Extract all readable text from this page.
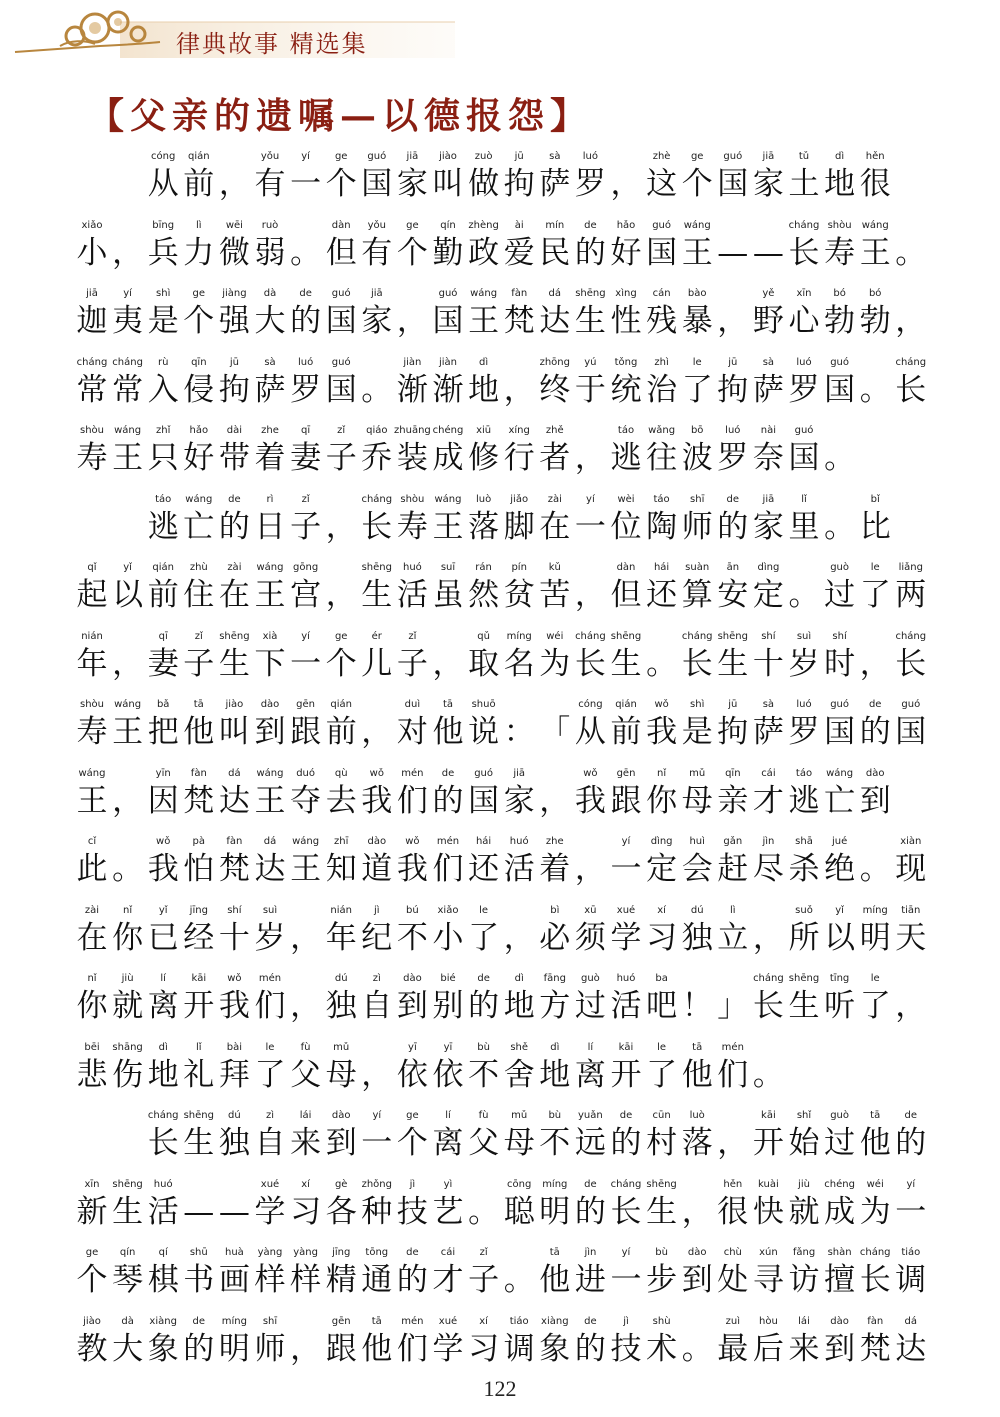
律典故事 精选集
【父亲的遗嘱—以德报怨】
cóng
从
qián
前 ，
yǒu
有
yí
一
ge
个
guó
国
jiā
家
jiào
叫
zuò
做
jū
拘
sà
萨
luó
罗 ，
zhè
这
ge
个
guó
国
jiā
家
tǔ
土
dì
地
hěn
很
xiǎo
小 ，
bīng
兵
lì
力
wēi
微
ruò
弱 。
dàn
但
yǒu
有
ge
个
qín
勤
zhèng
政
ài
爱
mín
民
de
的
hǎo
好
guó
国
wáng
王 — —
cháng
长
shòu
寿
wáng
王 。
jiā
迦
yí
夷
shì
是
ge
个
jiàng
强
dà
大
de
的
guó
国
jiā
家 ，
guó
国
wáng
王
fàn
梵
dá
达
shēng
生
xìng
性
cán
残
bào
暴 ，
yě
野
xīn
心
bó
勃
bó
勃 ，
cháng
常
cháng
常
rù
入
qīn
侵
jū
拘
sà
萨
luó
罗
guó
国 。
jiàn
渐
jiàn
渐
dì
地 ，
zhōng
终
yú
于
tǒng
统
zhì
治
le
了
jū
拘
sà
萨
luó
罗
guó
国 。
cháng
长
shòu
寿
wáng
王
zhǐ
只
hǎo
好
dài
带
zhe
着
qī
妻
zǐ
子
qiáo
乔
zhuāng
装
chéng
成
xiū
修
xíng
行
zhě
者 ，
táo
逃
wǎng
往
bō
波
luó
罗
nài
奈
guó
国 。
táo
逃
wáng
亡
de
的
rì
日
zǐ
子 ，
cháng
长
shòu
寿
wáng
王
luò
落
jiǎo
脚
zài
在
yí
一
wèi
位
táo
陶
shī
师
de
的
jiā
家
lǐ
里 。
bǐ
比
qǐ
起
yǐ
以
qián
前
zhù
住
zài
在
wáng
王
gōng
宫 ，
shēng
生
huó
活
suī
虽
rán
然
pín
贫
kǔ
苦 ，
dàn
但
hái
还
suàn
算
ān
安
dìng
定 。
guò
过
le
了
liǎng
两
nián
年 ，
qī
妻
zǐ
子
shēng
生
xià
下
yí
一
ge
个
ér
儿
zǐ
子 ，
qǔ
取
míng
名
wéi
为
cháng
长
shēng
生 。
cháng
长
shēng
生
shí
十
suì
岁
shí
时 ，
cháng
长
shòu
寿
wáng
王
bǎ
把
tā
他
jiào
叫
dào
到
gēn
跟
qián
前 ，
duì
对
tā
他
shuō
说 ： 「
cóng
从
qián
前
wǒ
我
shì
是
jū
拘
sà
萨
luó
罗
guó
国
de
的
guó
国
wáng
王 ，
yīn
因
fàn
梵
dá
达
wáng
王
duó
夺
qù
去
wǒ
我
mén
们
de
的
guó
国
jiā
家 ，
wǒ
我
gēn
跟
nǐ
你
mǔ
母
qīn
亲
cái
才
táo
逃
wáng
亡
dào
到
cǐ
此 。
wǒ
我
pà
怕
fàn
梵
dá
达
wáng
王
zhī
知
dào
道
wǒ
我
mén
们
hái
还
huó
活
zhe
着 ，
yí
一
dìng
定
huì
会
gǎn
赶
jìn
尽
shā
杀
jué
绝 。
xiàn
现
zài
在
nǐ
你
yǐ
已
jīng
经
shí
十
suì
岁 ，
nián
年
jì
纪
bú
不
xiǎo
小
le
了 ，
bì
必
xū
须
xué
学
xí
习
dú
独
lì
立 ，
suǒ
所
yǐ
以
míng
明
tiān
天
nǐ
你
jiù
就
lí
离
kāi
开
wǒ
我
mén
们 ，
dú
独
zì
自
dào
到
bié
别
de
的
dì
地
fāng
方
guò
过
huó
活
ba
吧 ！ 」
cháng
长
shēng
生
tīng
听
le
了 ，
bēi
悲
shāng
伤
dì
地
lǐ
礼
bài
拜
le
了
fù
父
mǔ
母 ，
yī
依
yī
依
bù
不
shě
舍
dì
地
lí
离
kāi
开
le
了
tā
他
mén
们 。
cháng
长
shēng
生
dú
独
zì
自
lái
来
dào
到
yí
一
ge
个
lí
离
fù
父
mǔ
母
bù
不
yuǎn
远
de
的
cūn
村
luò
落 ，
kāi
开
shǐ
始
guò
过
tā
他
de
的
xīn
新
shēng
生
huó
活 — —
xué
学
xí
习
gè
各
zhǒng
种
jì
技
yì
艺 。
cōng
聪
míng
明
de
的
cháng
长
shēng
生 ，
hěn
很
kuài
快
jiù
就
chéng
成
wéi
为
yí
一
ge
个
qín
琴
qí
棋
shū
书
huà
画
yàng
样
yàng
样
jīng
精
tōng
通
de
的
cái
才
zǐ
子 。
tā
他
jìn
进
yí
一
bù
步
dào
到
chù
处
xún
寻
fǎng
访
shàn
擅
cháng
长
tiáo
调
jiào
教
dà
大
xiàng
象
de
的
míng
明
shī
师 ，
gēn
跟
tā
他
mén
们
xué
学
xí
习
tiáo
调
xiàng
象
de
的
jì
技
shù
术 。
zuì
最
hòu
后
lái
来
dào
到
fàn
梵
dá
达
122
